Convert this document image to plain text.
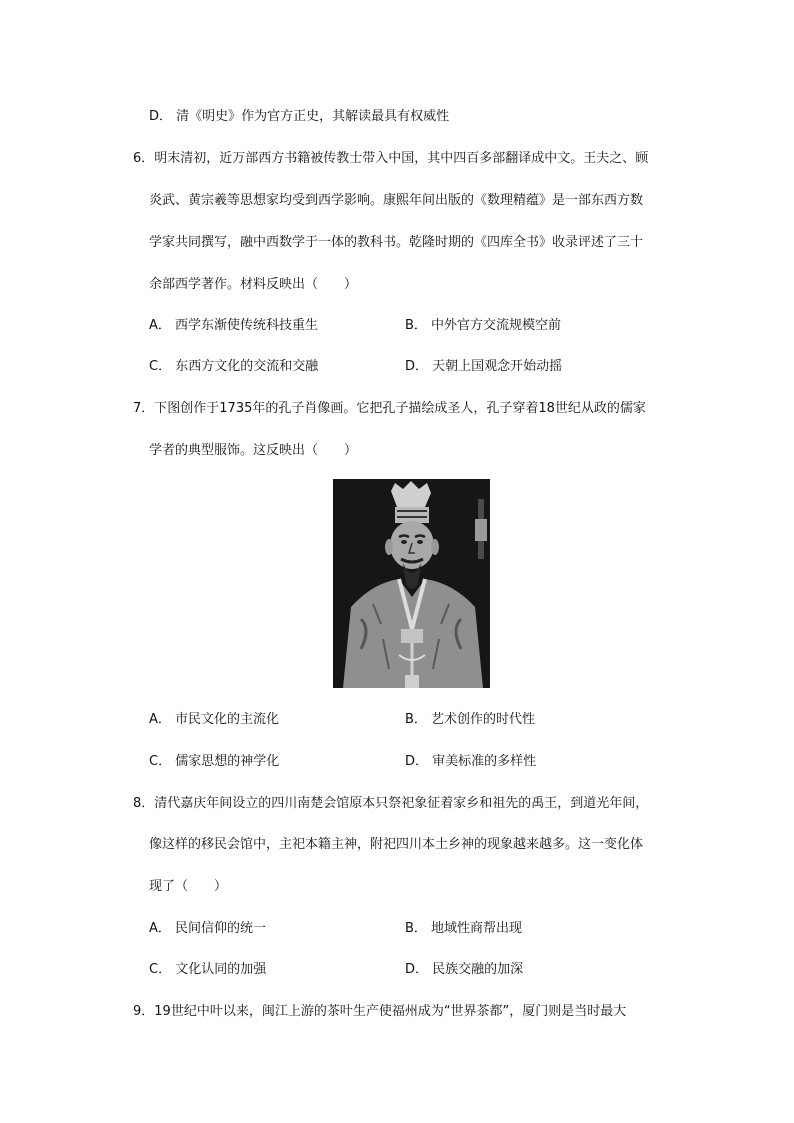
D． 清《明史》作为官方正史，其解读最具有权威性
6．明末清初，近万部西方书籍被传教士带入中国，其中四百多部翻译成中文。王夫之、顾
炎武、黄宗羲等思想家均受到西学影响。康熙年间出版的《数理精蕴》是一部东西方数
学家共同撰写，融中西数学于一体的教科书。乾隆时期的《四库全书》收录评述了三十
余部西学著作。材料反映出（　　）
A． 西学东渐使传统科技重生	B． 中外官方交流规模空前
C． 东西方文化的交流和交融	D． 天朝上国观念开始动摇
7．下图创作于1735年的孔子肖像画。它把孔子描绘成圣人，孔子穿着18世纪从政的儒家
学者的典型服饰。这反映出（　　）
A． 市民文化的主流化	B． 艺术创作的时代性
C． 儒家思想的神学化	D． 审美标准的多样性
8．清代嘉庆年间设立的四川南楚会馆原本只祭祀象征着家乡和祖先的禹王，到道光年间，
像这样的移民会馆中，主祀本籍主神，附祀四川本土乡神的现象越来越多。这一变化体
现了（　　）
A． 民间信仰的统一	B． 地域性商帮出现
C． 文化认同的加强	D． 民族交融的加深
9．19世纪中叶以来，闽江上游的茶叶生产使福州成为“世界茶都”，厦门则是当时最大
